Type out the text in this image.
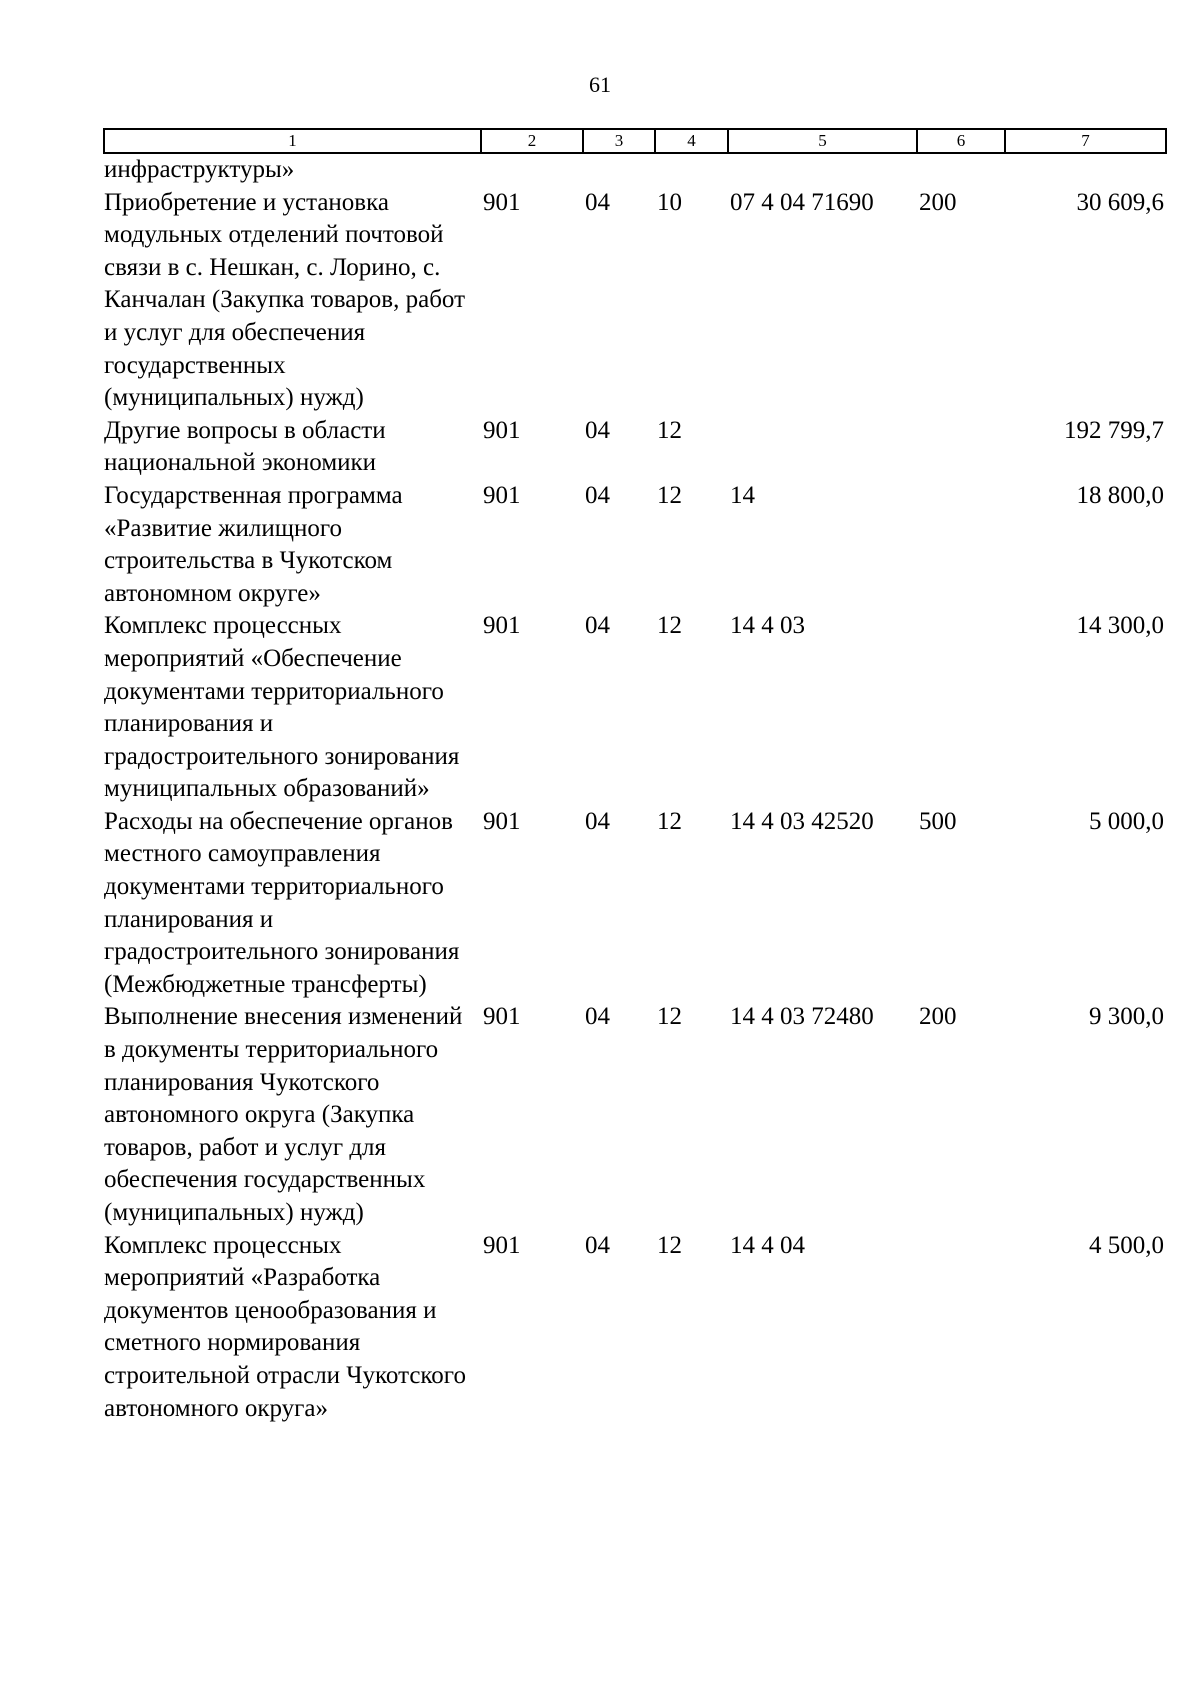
61
1	2	3	4	5	6	7
инфраструктуры»						
Приобретение и установка модульных отделений почтовой связи в с. Нешкан, с. Лорино, с. Канчалан (Закупка товаров, работ и услуг для обеспечения государственных (муниципальных) нужд)	901	04	10	07 4 04 71690	200	30 609,6
Другие вопросы в области национальной экономики	901	04	12			192 799,7
Государственная программа «Развитие жилищного строительства в Чукотском автономном округе»	901	04	12	14		18 800,0
Комплекс процессных мероприятий «Обеспечение документами территориального планирования и градостроительного зонирования муниципальных образований»	901	04	12	14 4 03		14 300,0
Расходы на обеспечение органов местного самоуправления документами территориального планирования и градостроительного зонирования (Межбюджетные трансферты)	901	04	12	14 4 03 42520	500	5 000,0
Выполнение внесения изменений в документы территориального планирования Чукотского автономного округа (Закупка товаров, работ и услуг для обеспечения государственных (муниципальных) нужд)	901	04	12	14 4 03 72480	200	9 300,0
Комплекс процессных мероприятий «Разработка документов ценообразования и сметного нормирования строительной отрасли Чукотского автономного округа»	901	04	12	14 4 04		4 500,0
